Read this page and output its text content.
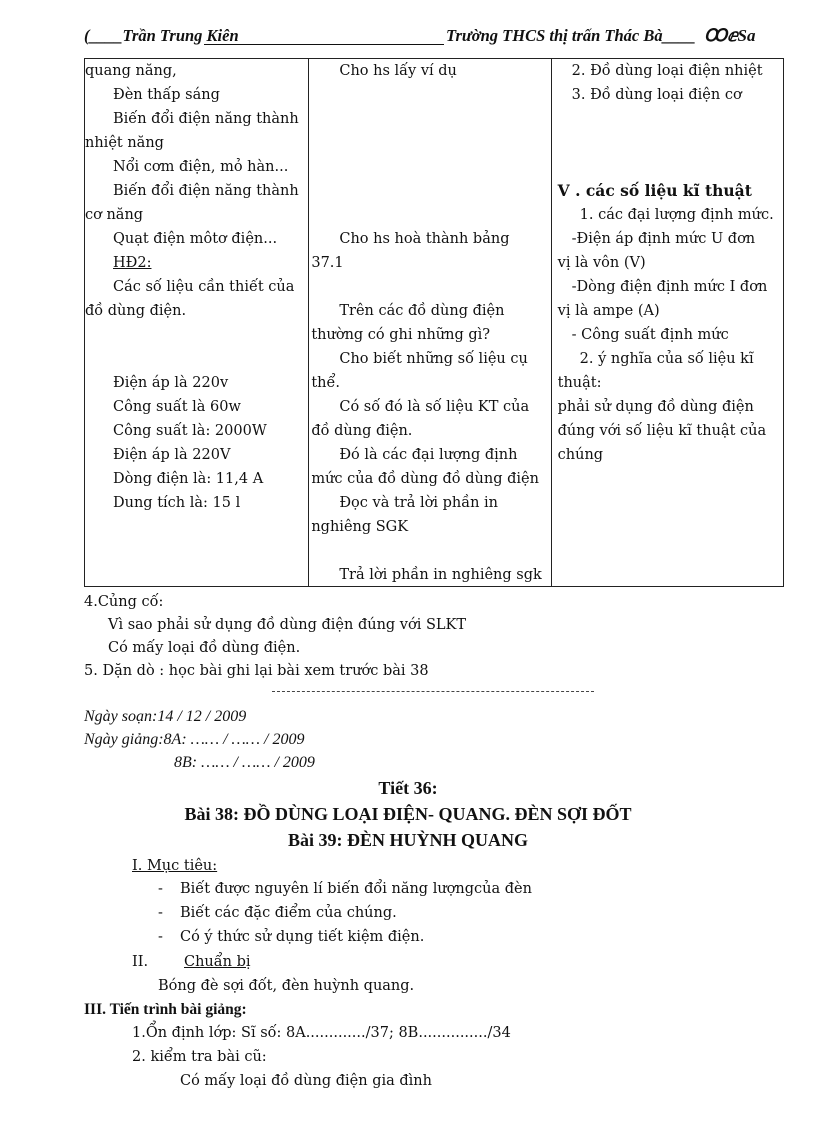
(____Trần Trung Kiên	Trường THCS thị trấn Thác Bà____ ꝎⅇSa
quang năng,
Đèn thấp sáng
Biến đổi điện năng thành
nhiệt năng
Nổi cơm điện, mỏ hàn...
Biến đổi điện năng thành
cơ năng
Quạt điện môtơ điện...
HĐ2:
Các số liệu cần thiết của
đồ dùng điện.
Điện áp là 220v
Công suất là 60w
Công suất là: 2000W
Điện áp là 220V
Dòng điện là: 11,4 A
Dung tích là: 15 l

Cho hs lấy ví dụ
Cho hs hoà thành bảng
37.1
Trên các đồ dùng điện
thường có ghi những gì?
Cho biết những số liệu cụ
thể.
Có số đó là số liệu KT của
đồ dùng điện.
Đó là các đại lượng định
mức của đồ dùng đồ dùng điện
Đọc và trả lời phần in
nghiêng SGK
Trả lời phần in nghiêng sgk

2. Đồ dùng loại điện nhiệt
3. Đồ dùng loại điện cơ
V . các số liệu kĩ thuật
1. các đại lượng định mức.
-Điện áp định mức U đơn
vị là vôn (V)
-Dòng điện định mức I đơn
vị là ampe (A)
- Công suất định mức
2. ý nghĩa của số liệu kĩ
thuật:
phải sử dụng đồ dùng điện
đúng với số liệu kĩ thuật của
chúng
4.Củng cố:
Vì sao phải sử dụng đồ dùng điện đúng với SLKT
Có mấy loại đồ dùng điện.
5. Dặn dò : học bài ghi lại bài xem trước bài 38
Ngày soạn:14 / 12 / 2009
Ngày giảng:8A: …… / …… / 2009
8B: …… / …… / 2009
Tiết 36:
Bài 38: ĐỒ DÙNG LOẠI ĐIỆN- QUANG. ĐÈN SỢI ĐỐT
Bài 39: ĐÈN HUỲNH QUANG
I. Mục tiêu:
- Biết được nguyên lí biến đổi năng lượngcủa đèn
- Biết các đặc điểm của chúng.
- Có ý thức sử dụng tiết kiệm điện.
II. Chuẩn bị
Bóng đè sợi đốt, đèn huỳnh quang.
III. Tiến trình bài giảng:
1.Ổn định lớp: Sĩ số: 8A............./37; 8B.............../34
2. kiểm tra bài cũ:
Có mấy loại đồ dùng điện gia đình
